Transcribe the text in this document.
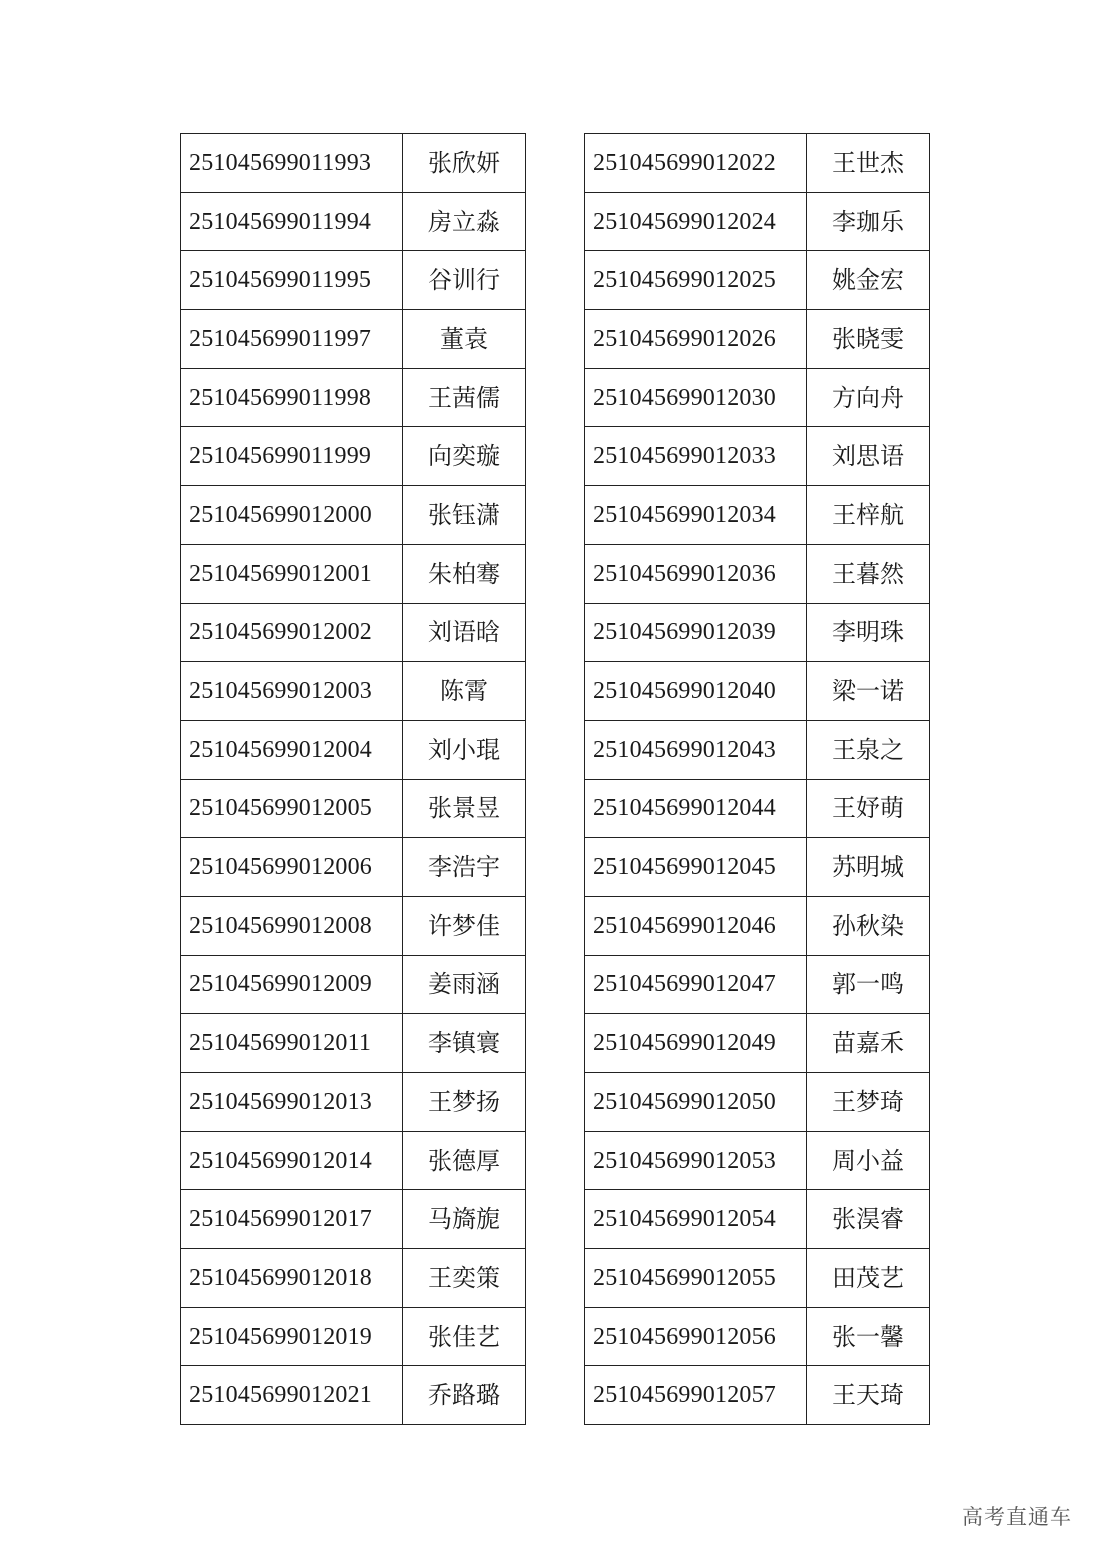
251045699011993	张欣妍
251045699011994	房立淼
251045699011995	谷训行
251045699011997	董袁
251045699011998	王茜儒
251045699011999	向奕璇
251045699012000	张钰潇
251045699012001	朱柏骞
251045699012002	刘语晗
251045699012003	陈霄
251045699012004	刘小琨
251045699012005	张景昱
251045699012006	李浩宇
251045699012008	许梦佳
251045699012009	姜雨涵
251045699012011	李镇寰
251045699012013	王梦扬
251045699012014	张德厚
251045699012017	马旖旎
251045699012018	王奕策
251045699012019	张佳艺
251045699012021	乔路璐
251045699012022	王世杰
251045699012024	李珈乐
251045699012025	姚金宏
251045699012026	张晓雯
251045699012030	方向舟
251045699012033	刘思语
251045699012034	王梓航
251045699012036	王暮然
251045699012039	李明珠
251045699012040	梁一诺
251045699012043	王泉之
251045699012044	王妤萌
251045699012045	苏明城
251045699012046	孙秋染
251045699012047	郭一鸣
251045699012049	苗嘉禾
251045699012050	王梦琦
251045699012053	周小益
251045699012054	张淏睿
251045699012055	田茂艺
251045699012056	张一馨
251045699012057	王天琦
高考直通车
